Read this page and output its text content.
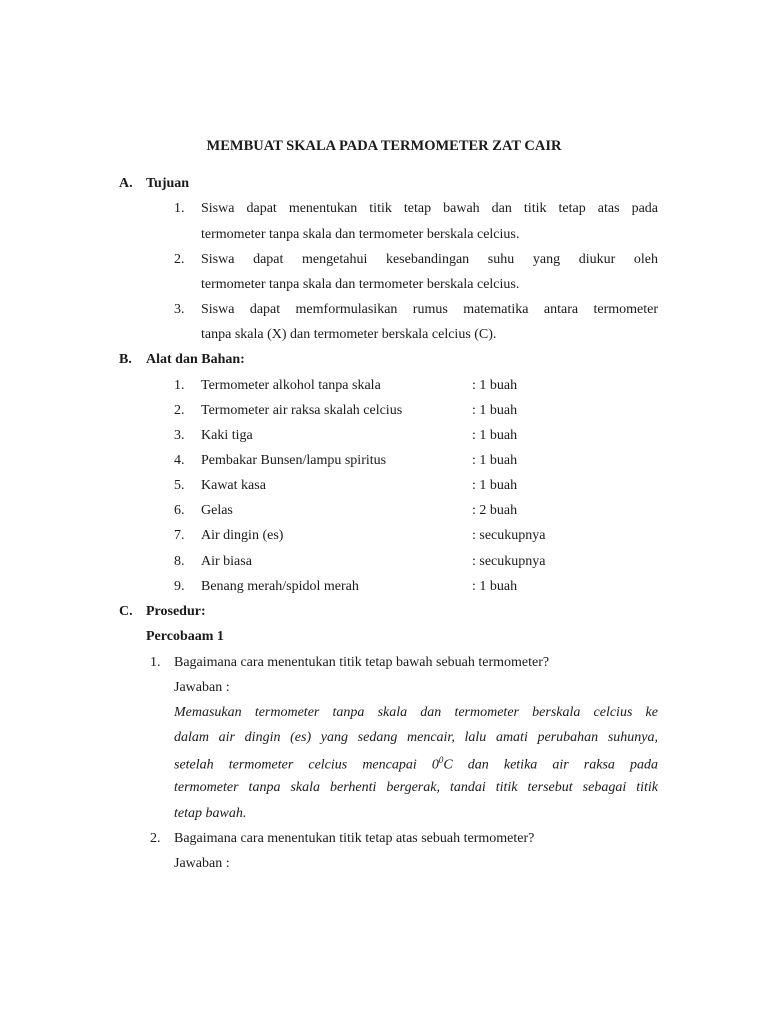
MEMBUAT SKALA PADA TERMOMETER ZAT CAIR
A. Tujuan
1. Siswa dapat menentukan titik tetap bawah dan titik tetap atas pada
termometer tanpa skala dan termometer berskala celcius.
2. Siswa dapat mengetahui kesebandingan suhu yang diukur oleh
termometer tanpa skala dan termometer berskala celcius.
3. Siswa dapat memformulasikan rumus matematika antara termometer
tanpa skala (X) dan termometer berskala celcius (C).
B. Alat dan Bahan:
1. Termometer alkohol tanpa skala	: 1 buah
2. Termometer air raksa skalah celcius	: 1 buah
3. Kaki tiga	: 1 buah
4. Pembakar Bunsen/lampu spiritus	: 1 buah
5. Kawat kasa	: 1 buah
6. Gelas	: 2 buah
7. Air dingin (es)	: secukupnya
8. Air biasa	: secukupnya
9. Benang merah/spidol merah	: 1 buah
C. Prosedur:
Percobaam 1
1. Bagaimana cara menentukan titik tetap bawah sebuah termometer?
Jawaban :
Memasukan termometer tanpa skala dan termometer berskala celcius ke
dalam air dingin (es) yang sedang mencair, lalu amati perubahan suhunya,
setelah termometer celcius mencapai $0^0C$ dan ketika air raksa pada
termometer tanpa skala berhenti bergerak, tandai titik tersebut sebagai titik
tetap bawah.
2. Bagaimana cara menentukan titik tetap atas sebuah termometer?
Jawaban :
